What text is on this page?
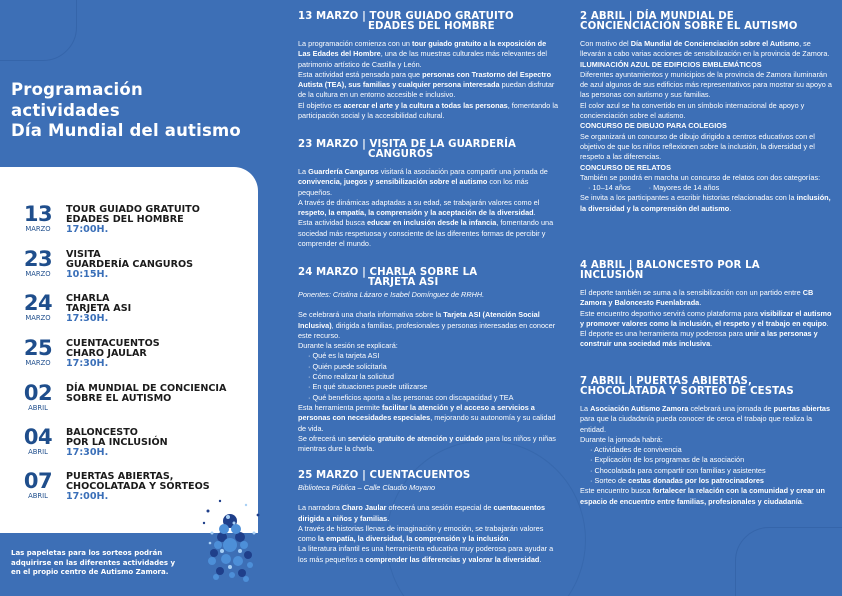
Programación
actividades
Día Mundial del autismo
13
MARZO
TOUR GUIADO GRATUITO
EDADES DEL HOMBRE
17:00H.
23
MARZO
VISITA
GUARDERÍA CANGUROS
10:15H.
24
MARZO
CHARLA
TARJETA ASI
17:30H.
25
MARZO
CUENTACUENTOS
CHARO JAULAR
17:30H.
02
ABRIL
DÍA MUNDIAL DE CONCIENCIA
SOBRE EL AUTISMO
04
ABRIL
BALONCESTO
POR LA INCLUSIÓN
17:30H.
07
ABRIL
PUERTAS ABIERTAS,
CHOCOLATADA Y SORTEOS
17:00H.
Las papeletas para los sorteos podrán
adquirirse en las diferentes actividades y
en el propio centro de Autismo Zamora.
13 MARZO | TOUR GUIADO GRATUITO
EDADES DEL HOMBRE

La programación comienza con un tour guiado gratuito a la exposición de Las Edades del Hombre, una de las muestras culturales más relevantes del patrimonio artístico de Castilla y León.

Esta actividad está pensada para que personas con Trastorno del Espectro Autista (TEA), sus familias y cualquier persona interesada puedan disfrutar de la cultura en un entorno accesible e inclusivo.

El objetivo es acercar el arte y la cultura a todas las personas, fomentando la participación social y la accesibilidad cultural.

23 MARZO | VISITA DE LA GUARDERÍA
CANGUROS

La Guardería Canguros visitará la asociación para compartir una jornada de convivencia, juegos y sensibilización sobre el autismo con los más pequeños.

A través de dinámicas adaptadas a su edad, se trabajarán valores como el respeto, la empatía, la comprensión y la aceptación de la diversidad.

Esta actividad busca educar en inclusión desde la infancia, fomentando una sociedad más respetuosa y consciente de las diferentes formas de percibir y comprender el mundo.

24 MARZO | CHARLA SOBRE LA
TARJETA ASI
Ponentes: Cristina Lázaro e Isabel Domínguez de RRHH.

Se celebrará una charla informativa sobre la Tarjeta ASI (Atención Social Inclusiva), dirigida a familias, profesionales y personas interesadas en conocer este recurso.

Durante la sesión se explicará:

· Qué es la tarjeta ASI
· Quién puede solicitarla
· Cómo realizar la solicitud
· En qué situaciones puede utilizarse
· Qué beneficios aporta a las personas con discapacidad y TEA

Esta herramienta permite facilitar la atención y el acceso a servicios a personas con necesidades especiales, mejorando su autonomía y su calidad de vida.

Se ofrecerá un servicio gratuito de atención y cuidado para los niños y niñas mientras dure la charla.

25 MARZO | CUENTACUENTOS
Biblioteca Pública – Calle Claudio Moyano

La narradora Charo Jaular ofrecerá una sesión especial de cuentacuentos dirigida a niños y familias.

A través de historias llenas de imaginación y emoción, se trabajarán valores como la empatía, la diversidad, la comprensión y la inclusión.

La literatura infantil es una herramienta educativa muy poderosa para ayudar a los más pequeños a comprender las diferencias y valorar la diversidad.

2 ABRIL | DÍA MUNDIAL DE
CONCIENCIACIÓN SOBRE EL AUTISMO

Con motivo del Día Mundial de Concienciación sobre el Autismo, se llevarán a cabo varias acciones de sensibilización en la provincia de Zamora.

ILUMINACIÓN AZUL DE EDIFICIOS EMBLEMÁTICOS

Diferentes ayuntamientos y municipios de la provincia de Zamora iluminarán de azul algunos de sus edificios más representativos para mostrar su apoyo a las personas con autismo y sus familias.

El color azul se ha convertido en un símbolo internacional de apoyo y concienciación sobre el autismo.

CONCURSO DE DIBUJO PARA COLEGIOS

Se organizará un concurso de dibujo dirigido a centros educativos con el objetivo de que los niños reflexionen sobre la inclusión, la diversidad y el respeto a las diferencias.

CONCURSO DE RELATOS

También se pondrá en marcha un concurso de relatos con dos categorías:

· 10–14 años · Mayores de 14 años

Se invita a los participantes a escribir historias relacionadas con la inclusión, la diversidad y la comprensión del autismo.

4 ABRIL | BALONCESTO POR LA
INCLUSIÓN

El deporte también se suma a la sensibilización con un partido entre CB Zamora y Baloncesto Fuenlabrada.

Este encuentro deportivo servirá como plataforma para visibilizar el autismo y promover valores como la inclusión, el respeto y el trabajo en equipo.

El deporte es una herramienta muy poderosa para unir a las personas y construir una sociedad más inclusiva.

7 ABRIL | PUERTAS ABIERTAS,
CHOCOLATADA Y SORTEO DE CESTAS

La Asociación Autismo Zamora celebrará una jornada de puertas abiertas para que la ciudadanía pueda conocer de cerca el trabajo que realiza la entidad.

Durante la jornada habrá:

· Actividades de convivencia
· Explicación de los programas de la asociación
· Chocolatada para compartir con familias y asistentes
· Sorteo de cestas donadas por los patrocinadores

Este encuentro busca fortalecer la relación con la comunidad y crear un espacio de encuentro entre familias, profesionales y ciudadanía.
